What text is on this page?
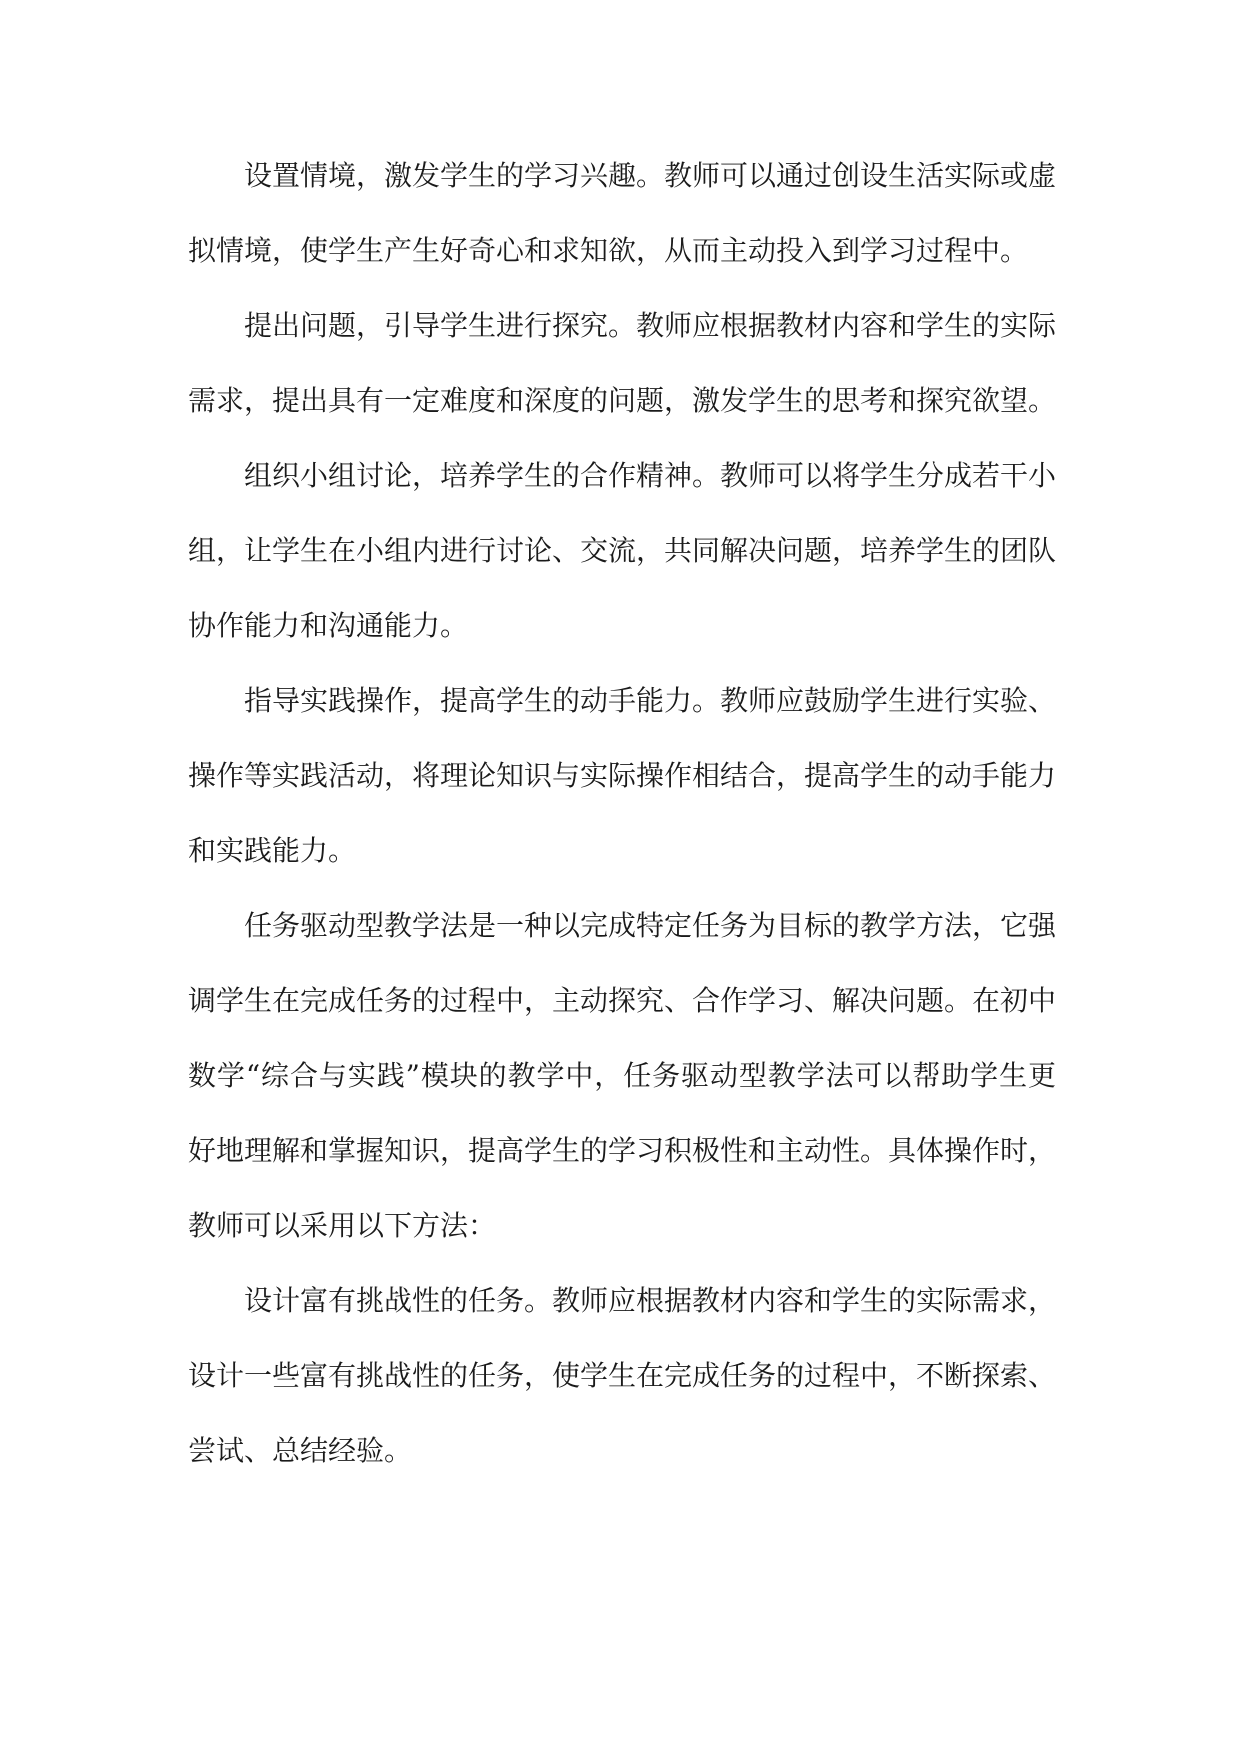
设置情境，激发学生的学习兴趣。教师可以通过创设生活实际或虚拟情境，使学生产生好奇心和求知欲，从而主动投入到学习过程中。

提出问题，引导学生进行探究。教师应根据教材内容和学生的实际需求，提出具有一定难度和深度的问题，激发学生的思考和探究欲望。

组织小组讨论，培养学生的合作精神。教师可以将学生分成若干小组，让学生在小组内进行讨论、交流，共同解决问题，培养学生的团队协作能力和沟通能力。

指导实践操作，提高学生的动手能力。教师应鼓励学生进行实验、操作等实践活动，将理论知识与实际操作相结合，提高学生的动手能力和实践能力。

任务驱动型教学法是一种以完成特定任务为目标的教学方法，它强调学生在完成任务的过程中，主动探究、合作学习、解决问题。在初中数学“综合与实践”模块的教学中，任务驱动型教学法可以帮助学生更好地理解和掌握知识，提高学生的学习积极性和主动性。具体操作时，教师可以采用以下方法：

设计富有挑战性的任务。教师应根据教材内容和学生的实际需求，设计一些富有挑战性的任务，使学生在完成任务的过程中，不断探索、尝试、总结经验。
